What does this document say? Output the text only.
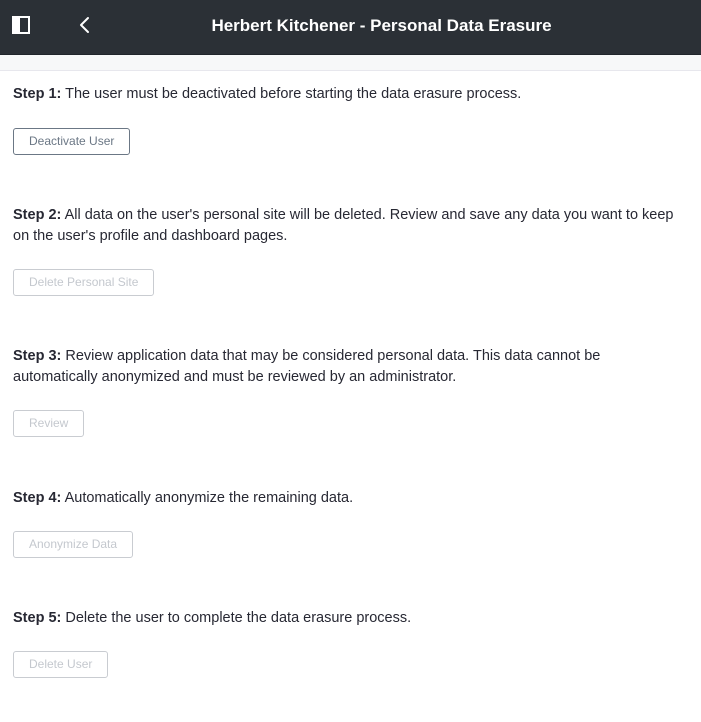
Herbert Kitchener - Personal Data Erasure

Step 1: The user must be deactivated before starting the data erasure process.

Deactivate User

Step 2: All data on the user's personal site will be deleted. Review and save any data you want to keep on the user's profile and dashboard pages.

Delete Personal Site

Step 3: Review application data that may be considered personal data. This data cannot be automatically anonymized and must be reviewed by an administrator.

Review

Step 4: Automatically anonymize the remaining data.

Anonymize Data

Step 5: Delete the user to complete the data erasure process.

Delete User
